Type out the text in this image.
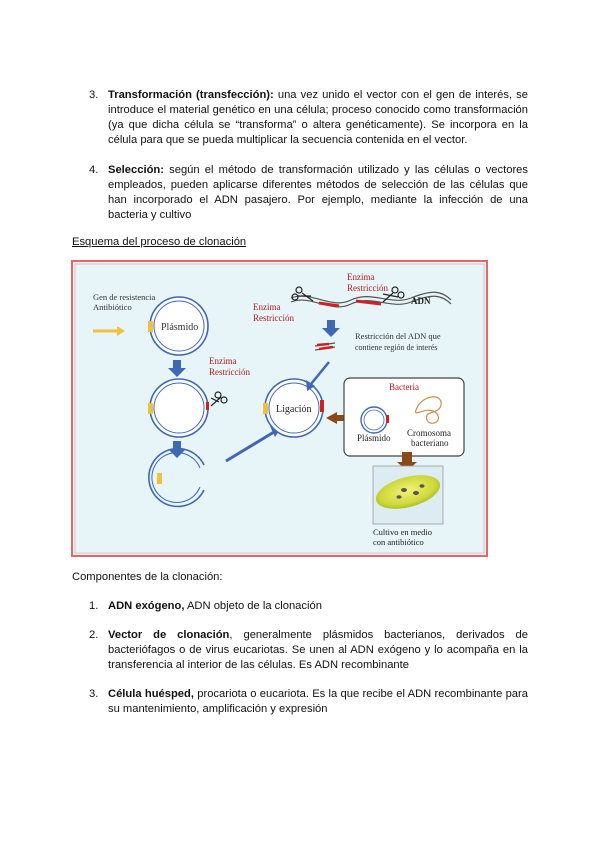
3. Transformación (transfección): una vez unido el vector con el gen de interés, se introduce el material genético en una célula; proceso conocido como transformación (ya que dicha célula se “transforma” o altera genéticamente). Se incorpora en la célula para que se pueda multiplicar la secuencia contenida en el vector.
4. Selección: según el método de transformación utilizado y las células o vectores empleados, pueden aplicarse diferentes métodos de selección de las células que han incorporado el ADN pasajero. Por ejemplo, mediante la infección de una bacteria y cultivo
Esquema del proceso de clonación
Gen de resistencia
Antibiótico
Plásmido
Enzima
Restricción
Ligación
Enzima
Restricción
Enzima
Restricción
ADN
Restricción del ADN que
contiene región de interés
Bacteria
Plásmido Cromosoma
bacteriano
Cultivo en medio
con antibiótico
Componentes de la clonación:
1. ADN exógeno, ADN objeto de la clonación
2. Vector de clonación, generalmente plásmidos bacterianos, derivados de bacteriófagos o de virus eucariotas. Se unen al ADN exógeno y lo acompaña en la transferencia al interior de las células. Es ADN recombinante
3. Célula huésped, procariota o eucariota. Es la que recibe el ADN recombinante para su mantenimiento, amplificación y expresión
